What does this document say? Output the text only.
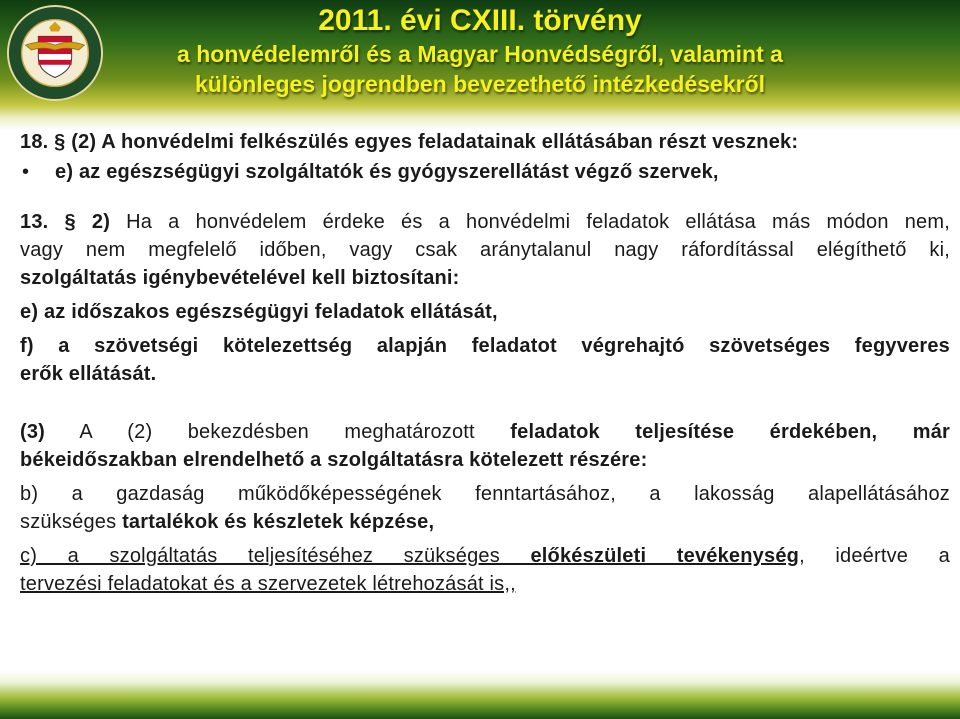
2011. évi CXIII. törvény
a honvédelemről és a Magyar Honvédségről, valamint a
különleges jogrendben bevezethető intézkedésekről
18. § (2) A honvédelmi felkészülés egyes feladatainak ellátásában részt vesznek:
•	e) az egészségügyi szolgáltatók és gyógyszerellátást végző szervek,
13. § 2) Ha a honvédelem érdeke és a honvédelmi feladatok ellátása más módon nem,
vagy nem megfelelő időben, vagy csak aránytalanul nagy ráfordítással elégíthető ki,
szolgáltatás igénybevételével kell biztosítani:
e) az időszakos egészségügyi feladatok ellátását,
f) a szövetségi kötelezettség alapján feladatot végrehajtó szövetséges fegyveres
erők ellátását.
(3) A (2) bekezdésben meghatározott feladatok teljesítése érdekében, már
békeidőszakban elrendelhető a szolgáltatásra kötelezett részére:
b) a gazdaság működőképességének fenntartásához, a lakosság alapellátásához
szükséges tartalékok és készletek képzése,
c) a szolgáltatás teljesítéséhez szükséges előkészületi tevékenység, ideértve a
tervezési feladatokat és a szervezetek létrehozását is,,
